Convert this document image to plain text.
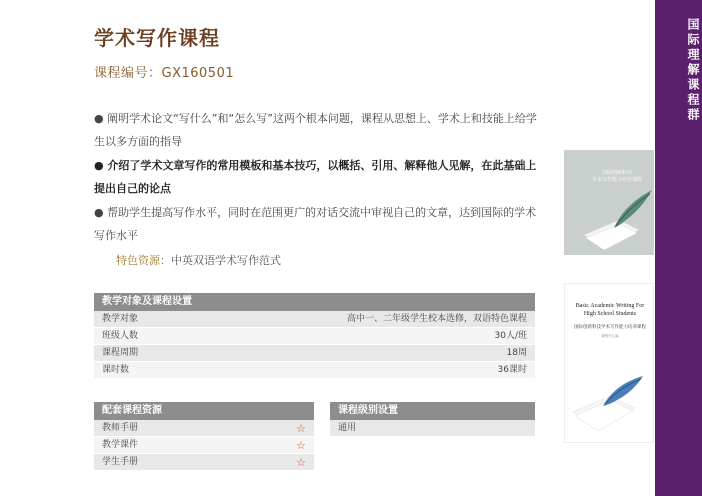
学术写作课程
课程编号：GX160501
● 阐明学术论文“写什么”和“怎么写”这两个根本问题，课程从思想上、学术上和技能上给学生以多方面的指导
● 介绍了学术文章写作的常用模板和基本技巧，以概括、引用、解释他人见解，在此基础上提出自己的论点
● 帮助学生提高写作水平，同时在范围更广的对话交流中审视自己的文章，达到国际的学术写作水平
特色资源：中英双语学术写作范式
教学对象及课程设置
教学对象	高中一、二年级学生校本选修，双语特色课程
班级人数	30人/班
课程周期	18周
课时数	36课时
配套课程资源
教师手册	☆
教学课件	☆
学生手册	☆
课程级别设置
通用
国际创新科技
学术写作能力培养课程
Basic Academic Writing For High School Students
国际创新科技学术写作能力培养课程
课程中心编
国际理解课程群
